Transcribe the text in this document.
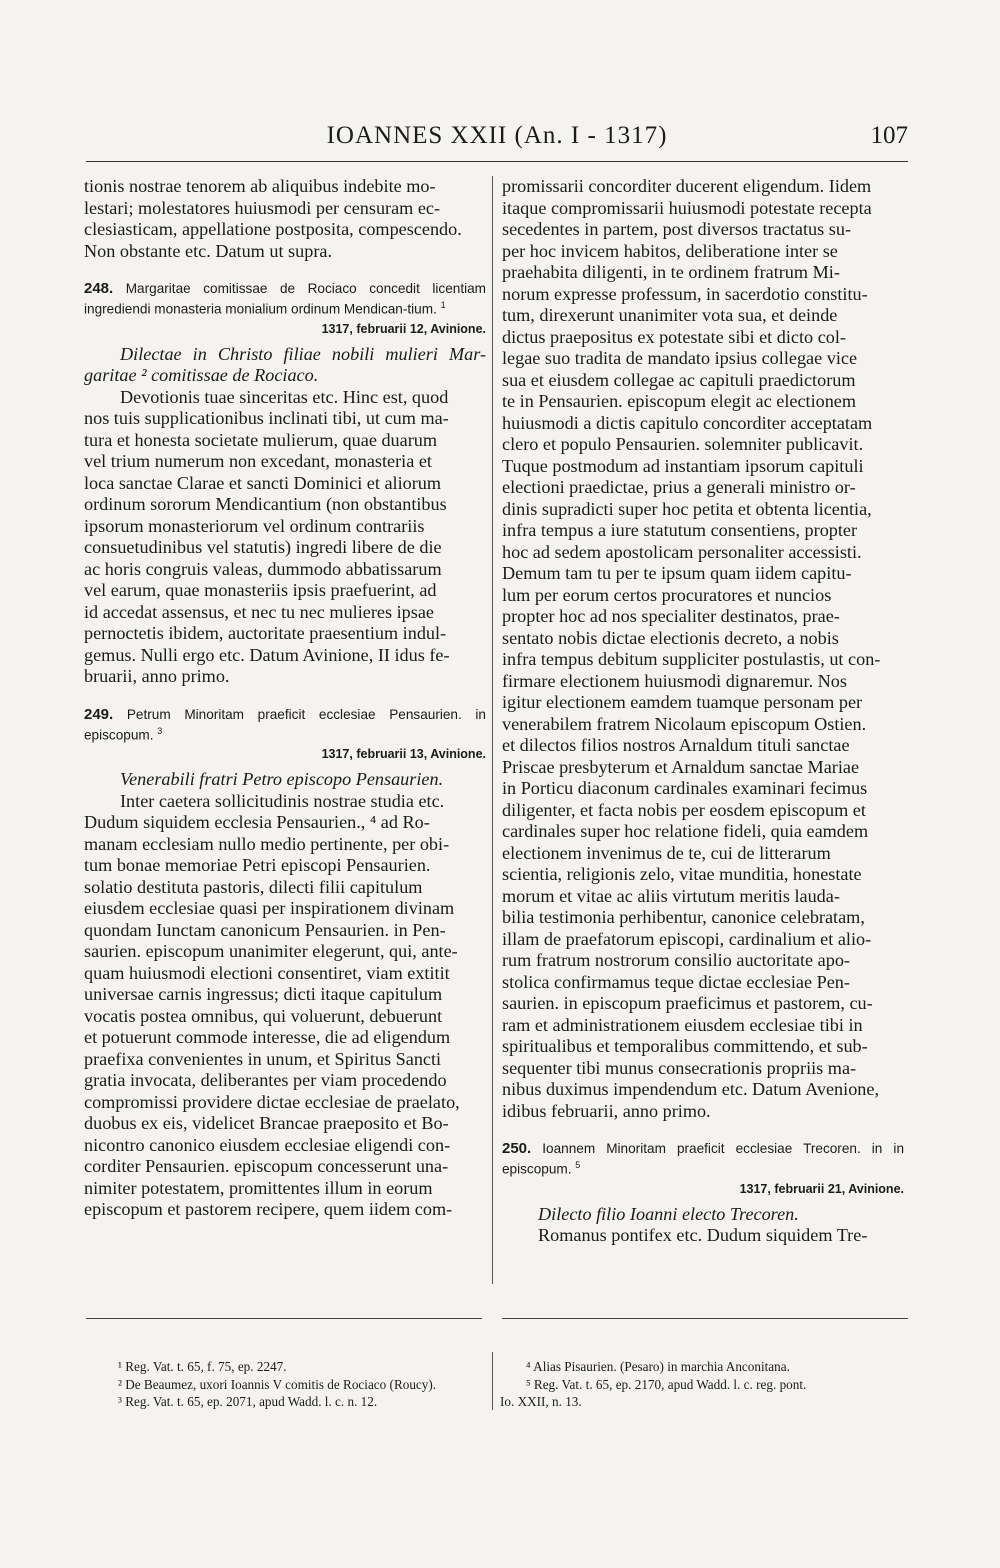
IOANNES XXII (An. I - 1317)	107

tionis nostrae tenorem ab aliquibus indebite mo-

lestari; molestatores huiusmodi per censuram ec-

clesiasticam, appellatione postposita, compescendo.

Non obstante etc. Datum ut supra.

248. Margaritae comitissae de Rociaco concedit licentiam ingrediendi monasteria monialium ordinum Mendican-tium. $^1$
1317, februarii 12, Avinione.

Dilectae in Christo filiae nobili mulieri Mar-garitae ² comitissae de Rociaco.

Devotionis tuae sinceritas etc. Hinc est, quod

nos tuis supplicationibus inclinati tibi, ut cum ma-

tura et honesta societate mulierum, quae duarum

vel trium numerum non excedant, monasteria et

loca sanctae Clarae et sancti Dominici et aliorum

ordinum sororum Mendicantium (non obstantibus

ipsorum monasteriorum vel ordinum contrariis

consuetudinibus vel statutis) ingredi libere de die

ac horis congruis valeas, dummodo abbatissarum

vel earum, quae monasteriis ipsis praefuerint, ad

id accedat assensus, et nec tu nec mulieres ipsae

pernoctetis ibidem, auctoritate praesentium indul-

gemus. Nulli ergo etc. Datum Avinione, II idus fe-

bruarii, anno primo.

249. Petrum Minoritam praeficit ecclesiae Pensaurien. in episcopum. $^3$
1317, februarii 13, Avinione.

Venerabili fratri Petro episcopo Pensaurien.

Inter caetera sollicitudinis nostrae studia etc.

Dudum siquidem ecclesia Pensaurien., ⁴ ad Ro-

manam ecclesiam nullo medio pertinente, per obi-

tum bonae memoriae Petri episcopi Pensaurien.

solatio destituta pastoris, dilecti filii capitulum

eiusdem ecclesiae quasi per inspirationem divinam

quondam Iunctam canonicum Pensaurien. in Pen-

saurien. episcopum unanimiter elegerunt, qui, ante-

quam huiusmodi electioni consentiret, viam extitit

universae carnis ingressus; dicti itaque capitulum

vocatis postea omnibus, qui voluerunt, debuerunt

et potuerunt commode interesse, die ad eligendum

praefixa convenientes in unum, et Spiritus Sancti

gratia invocata, deliberantes per viam procedendo

compromissi providere dictae ecclesiae de praelato,

duobus ex eis, videlicet Brancae praeposito et Bo-

nicontro canonico eiusdem ecclesiae eligendi con-

corditer Pensaurien. episcopum concesserunt una-

nimiter potestatem, promittentes illum in eorum

episcopum et pastorem recipere, quem iidem com-

promissarii concorditer ducerent eligendum. Iidem

itaque compromissarii huiusmodi potestate recepta

secedentes in partem, post diversos tractatus su-

per hoc invicem habitos, deliberatione inter se

praehabita diligenti, in te ordinem fratrum Mi-

norum expresse professum, in sacerdotio constitu-

tum, direxerunt unanimiter vota sua, et deinde

dictus praepositus ex potestate sibi et dicto col-

legae suo tradita de mandato ipsius collegae vice

sua et eiusdem collegae ac capituli praedictorum

te in Pensaurien. episcopum elegit ac electionem

huiusmodi a dictis capitulo concorditer acceptatam

clero et populo Pensaurien. solemniter publicavit.

Tuque postmodum ad instantiam ipsorum capituli

electioni praedictae, prius a generali ministro or-

dinis supradicti super hoc petita et obtenta licentia,

infra tempus a iure statutum consentiens, propter

hoc ad sedem apostolicam personaliter accessisti.

Demum tam tu per te ipsum quam iidem capitu-

lum per eorum certos procuratores et nuncios

propter hoc ad nos specialiter destinatos, prae-

sentato nobis dictae electionis decreto, a nobis

infra tempus debitum suppliciter postulastis, ut con-

firmare electionem huiusmodi dignaremur. Nos

igitur electionem eamdem tuamque personam per

venerabilem fratrem Nicolaum episcopum Ostien.

et dilectos filios nostros Arnaldum tituli sanctae

Priscae presbyterum et Arnaldum sanctae Mariae

in Porticu diaconum cardinales examinari fecimus

diligenter, et facta nobis per eosdem episcopum et

cardinales super hoc relatione fideli, quia eamdem

electionem invenimus de te, cui de litterarum

scientia, religionis zelo, vitae munditia, honestate

morum et vitae ac aliis virtutum meritis lauda-

bilia testimonia perhibentur, canonice celebratam,

illam de praefatorum episcopi, cardinalium et alio-

rum fratrum nostrorum consilio auctoritate apo-

stolica confirmamus teque dictae ecclesiae Pen-

saurien. in episcopum praeficimus et pastorem, cu-

ram et administrationem eiusdem ecclesiae tibi in

spiritualibus et temporalibus committendo, et sub-

sequenter tibi munus consecrationis propriis ma-

nibus duximus impendendum etc. Datum Avenione,

idibus februarii, anno primo.

250. Ioannem Minoritam praeficit ecclesiae Trecoren. in in episcopum. $^5$
1317, februarii 21, Avinione.

Dilecto filio Ioanni electo Trecoren.

Romanus pontifex etc. Dudum siquidem Tre-

¹ Reg. Vat. t. 65, f. 75, ep. 2247.

² De Beaumez, uxori Ioannis V comitis de Rociaco (Roucy).

³ Reg. Vat. t. 65, ep. 2071, apud Wadd. l. c. n. 12.

⁴ Alias Pisaurien. (Pesaro) in marchia Anconitana.

⁵ Reg. Vat. t. 65, ep. 2170, apud Wadd. l. c. reg. pont.

Io. XXII, n. 13.
